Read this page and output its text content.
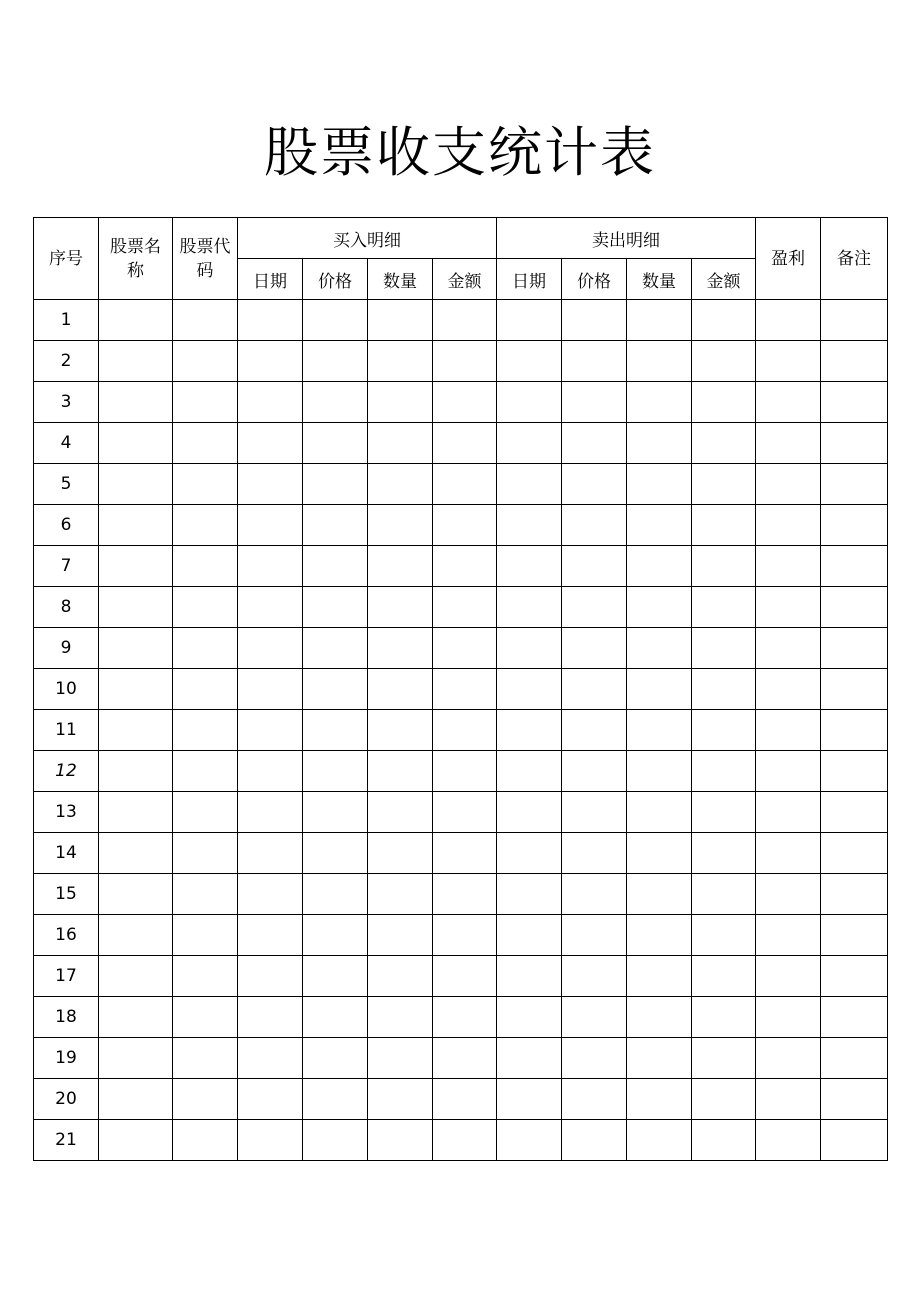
股票收支统计表
序号	股票名称	股票代码	买入明细				卖出明细				盈利	备注
			日期	价格	数量	金额	日期	价格	数量	金额		
1												
2												
3												
4												
5												
6												
7												
8												
9												
10												
11												
12												
13												
14												
15												
16												
17												
18												
19												
20												
21												
